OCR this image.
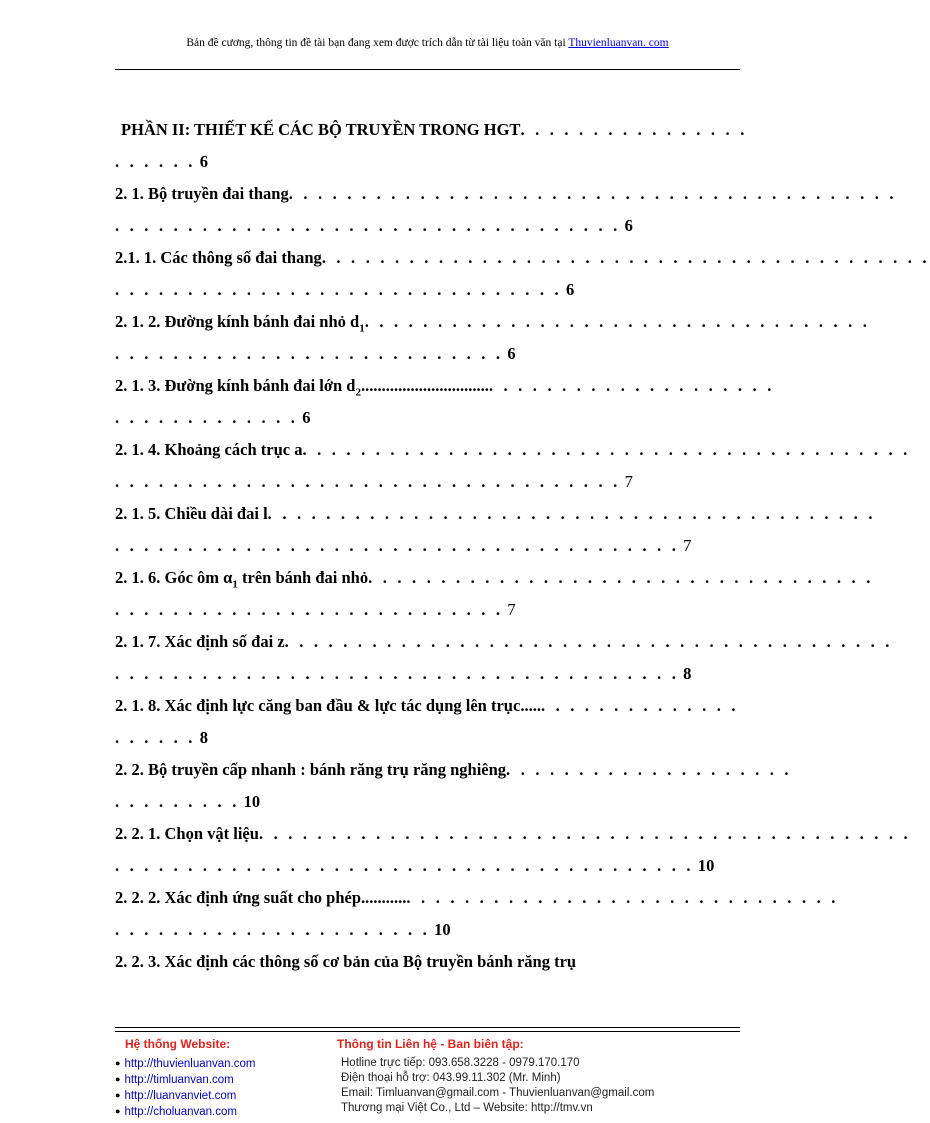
Bản đề cương, thông tin đề tài bạn đang xem được trích dẫn từ tài liệu toàn văn tại Thuvienluanvan. com
PHẦN II: THIẾT KẾ CÁC BỘ TRUYỀN TRONG HGT. . . . . . . . . . . . . . . .
. . . . . . 6
2. 1. Bộ truyền đai thang. . . . . . . . . . . . . . . . . . . . . . . . . . . . . . . . . . . . . . . . . .
. . . . . . . . . . . . . . . . . . . . . . . . . . . . . . . . . . . 6
2.1. 1. Các thông số đai thang. . . . . . . . . . . . . . . . . . . . . . . . . . . . . . . . . . . . . . . . . .
. . . . . . . . . . . . . . . . . . . . . . . . . . . . . . . 6
2. 1. 2. Đường kính bánh đai nhỏ $d_1$. . . . . . . . . . . . . . . . . . . . . . . . . . . . . . . . . . .
. . . . . . . . . . . . . . . . . . . . . . . . . . . 6
2. 1. 3. Đường kính bánh đai lớn $d_2$................................ . . . . . . . . . . . . . . . . . . .
. . . . . . . . . . . . . 6
2. 1. 4. Khoảng cách trục a. . . . . . . . . . . . . . . . . . . . . . . . . . . . . . . . . . . . . . . . . .
. . . . . . . . . . . . . . . . . . . . . . . . . . . . . . . . . . . 7
2. 1. 5. Chiều dài đai l. . . . . . . . . . . . . . . . . . . . . . . . . . . . . . . . . . . . . . . . . .
. . . . . . . . . . . . . . . . . . . . . . . . . . . . . . . . . . . . . . . 7
2. 1. 6. Góc ôm $\alpha_1$ trên bánh đai nhỏ. . . . . . . . . . . . . . . . . . . . . . . . . . . . . . . . . . .
. . . . . . . . . . . . . . . . . . . . . . . . . . . 7
2. 1. 7. Xác định số đai z. . . . . . . . . . . . . . . . . . . . . . . . . . . . . . . . . . . . . . . . . .
. . . . . . . . . . . . . . . . . . . . . . . . . . . . . . . . . . . . . . . 8
2. 1. 8. Xác định lực căng ban đầu & lực tác dụng lên trục...... . . . . . . . . . . . . .
. . . . . . 8
2. 2. Bộ truyền cấp nhanh : bánh răng trụ răng nghiêng. . . . . . . . . . . . . . . . . . . .
. . . . . . . . . 10
2. 2. 1. Chọn vật liệu. . . . . . . . . . . . . . . . . . . . . . . . . . . . . . . . . . . . . . . . . . . . .
. . . . . . . . . . . . . . . . . . . . . . . . . . . . . . . . . . . . . . . . 10
2. 2. 2. Xác định ứng suất cho phép............ . . . . . . . . . . . . . . . . . . . . . . . . . . . . .
. . . . . . . . . . . . . . . . . . . . . . 10
2. 2. 3. Xác định các thông số cơ bản của Bộ truyền bánh răng trụ
Hệ thống Website:
● http://thuvienluanvan.com
● http://timluanvan.com
● http://luanvanviet.com
● http://choluanvan.com
Thông tin Liên hệ - Ban biên tập:
Hotline trực tiếp: 093.658.3228 - 0979.170.170
Điện thoại hỗ trợ: 043.99.11.302 (Mr. Minh)
Email: Timluanvan@gmail.com - Thuvienluanvan@gmail.com
Thương mại Việt Co., Ltd – Website: http://tmv.vn
